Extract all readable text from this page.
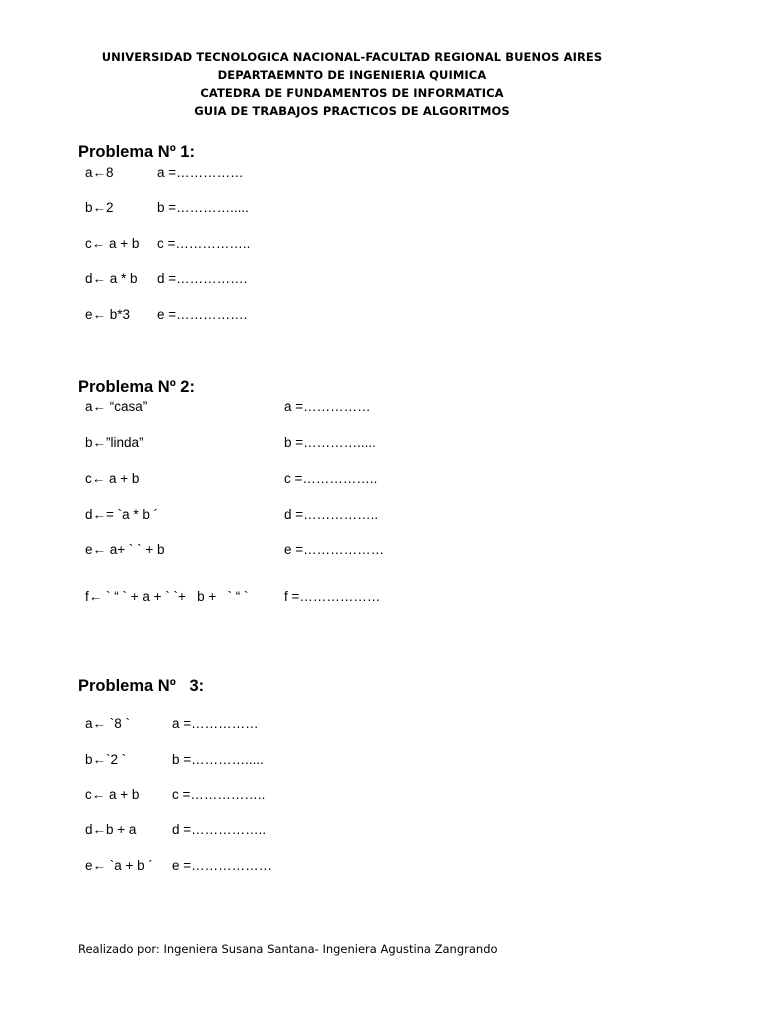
UNIVERSIDAD TECNOLOGICA NACIONAL-FACULTAD REGIONAL BUENOS AIRES
DEPARTAEMNTO DE INGENIERIA QUIMICA
CATEDRA DE FUNDAMENTOS DE INFORMATICA
GUIA DE TRABAJOS PRACTICOS DE ALGORITMOS
Problema Nº 1:
a←8	a =……………
b←2	b =………….....
c← a + b c =……………..
d← a * b d =…………….
e← b*3 e =…………….
Problema Nº 2:
a← “casa”	a =……………
b←”linda”	b =………….....
c← a + b	c =……………..
d←= `a * b ´	d =……………..
e← a+ ` ` + b	e =………………
f← ` “ ` + a + ` `+   b +   ` “ `	f =………………
Problema Nº   3:
a← `8 `	a =……………
b←`2 `	b =………….....
c← a + b c =……………..
d←b + a	d =……………..
e← `a + b ´ e =………………
Realizado por: Ingeniera Susana Santana- Ingeniera Agustina Zangrando
